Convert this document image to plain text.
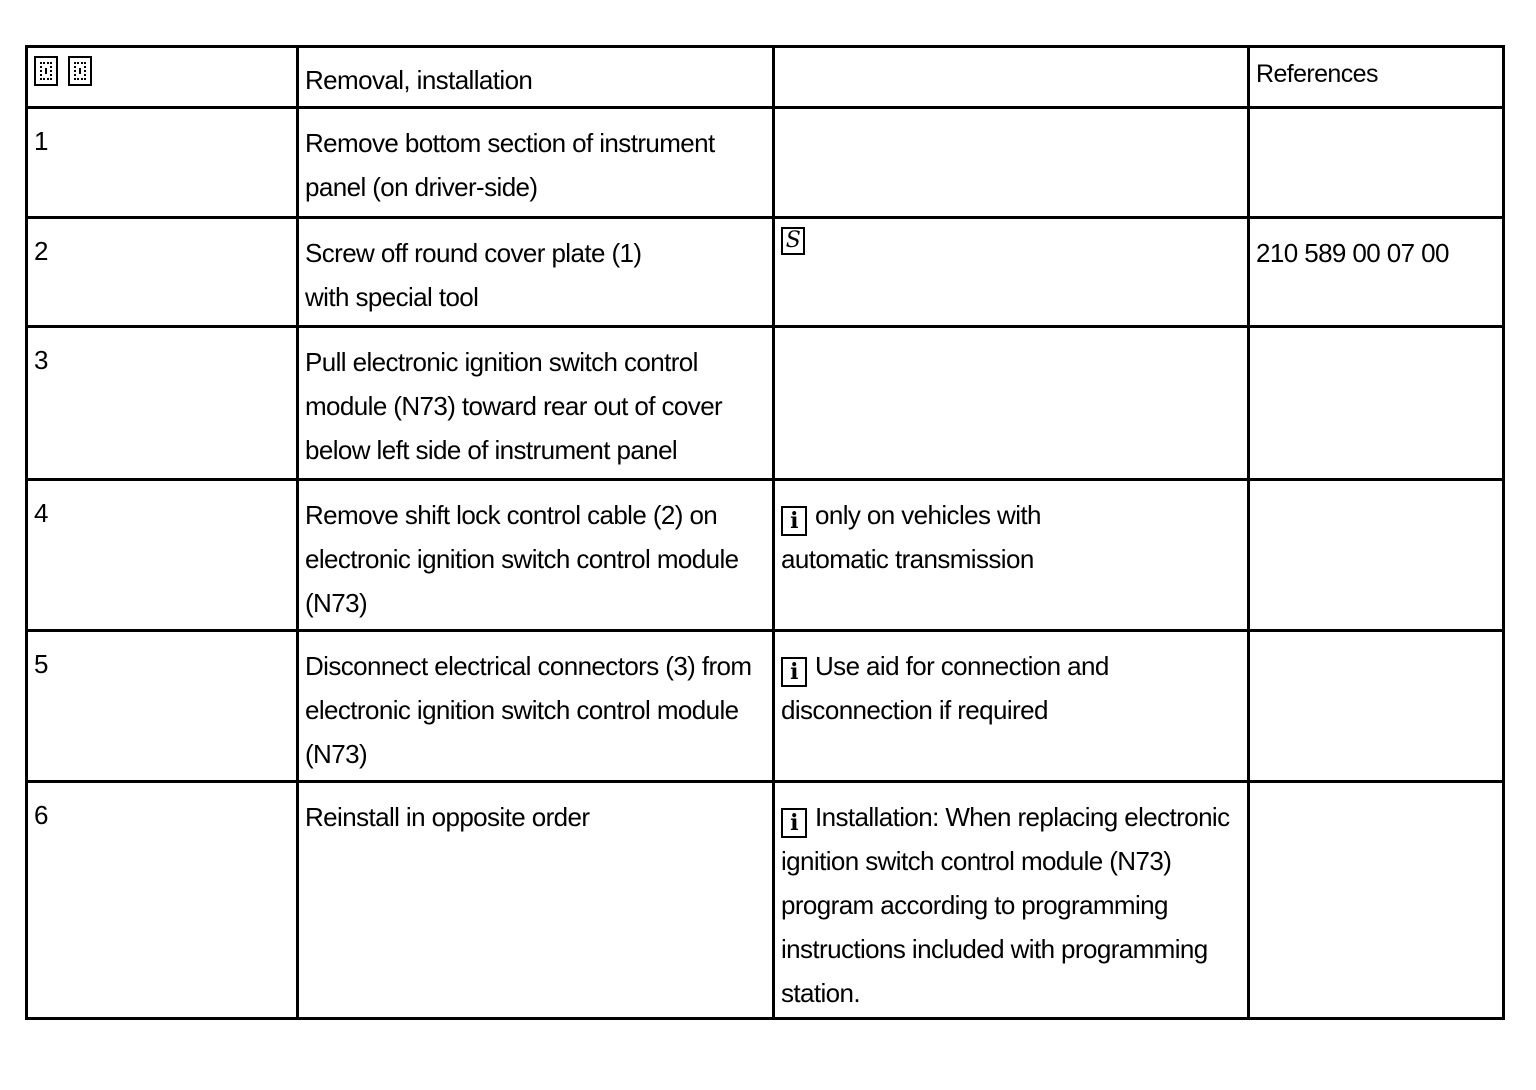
	Removal, installation		References

1	Remove bottom section of instrument
panel (on driver-side)		

2	Screw off round cover plate (1)
with special tool	S	210 589 00 07 00

3	Pull electronic ignition switch control
module (N73) toward rear out of cover
below left side of instrument panel		

4	Remove shift lock control cable (2) on
electronic ignition switch control module
(N73)	i only on vehicles with
automatic transmission	

5	Disconnect electrical connectors (3) from
electronic ignition switch control module
(N73)	i Use aid for connection and
disconnection if required	

6	Reinstall in opposite order	i Installation: When replacing electronic
ignition switch control module (N73)
program according to programming
instructions included with programming
station.	
